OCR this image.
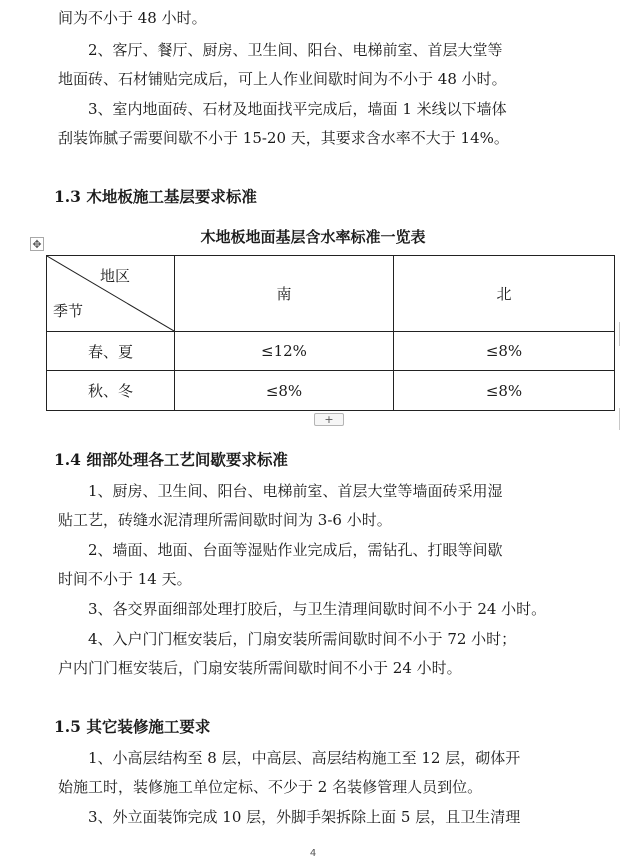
间为不小于 48 小时。
2、客厅、餐厅、厨房、卫生间、阳台、电梯前室、首层大堂等
地面砖、石材铺贴完成后，可上人作业间歇时间为不小于 48 小时。
3、室内地面砖、石材及地面找平完成后，墙面 1 米线以下墙体
刮装饰腻子需要间歇不小于 15-20 天，其要求含水率不大于 14%。
1.3 木地板施工基层要求标准
✥	木地板地面基层含水率标准一览表
地区
季节	南	北
春、夏	≤12%	≤8%
秋、冬	≤8%	≤8%
+
1.4 细部处理各工艺间歇要求标准
1、厨房、卫生间、阳台、电梯前室、首层大堂等墙面砖采用湿
贴工艺，砖缝水泥清理所需间歇时间为 3-6 小时。
2、墙面、地面、台面等湿贴作业完成后，需钻孔、打眼等间歇
时间不小于 14 天。
3、各交界面细部处理打胶后，与卫生清理间歇时间不小于 24 小时。
4、入户门门框安装后，门扇安装所需间歇时间不小于 72 小时；
户内门门框安装后，门扇安装所需间歇时间不小于 24 小时。
1.5 其它装修施工要求
1、小高层结构至 8 层，中高层、高层结构施工至 12 层，砌体开
始施工时，装修施工单位定标、不少于 2 名装修管理人员到位。
3、外立面装饰完成 10 层，外脚手架拆除上面 5 层，且卫生清理
4
